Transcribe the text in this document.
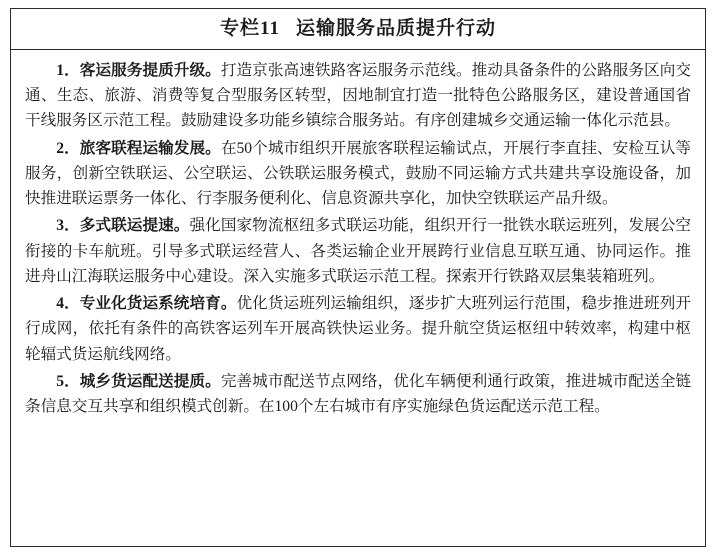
专栏11 运输服务品质提升行动

1．客运服务提质升级。打造京张高速铁路客运服务示范线。推动具备条件的公路服务区向交通、生态、旅游、消费等复合型服务区转型，因地制宜打造一批特色公路服务区，建设普通国省干线服务区示范工程。鼓励建设多功能乡镇综合服务站。有序创建城乡交通运输一体化示范县。

2．旅客联程运输发展。在50个城市组织开展旅客联程运输试点，开展行李直挂、安检互认等服务，创新空铁联运、公空联运、公铁联运服务模式，鼓励不同运输方式共建共享设施设备，加快推进联运票务一体化、行李服务便利化、信息资源共享化，加快空铁联运产品升级。

3．多式联运提速。强化国家物流枢纽多式联运功能，组织开行一批铁水联运班列，发展公空衔接的卡车航班。引导多式联运经营人、各类运输企业开展跨行业信息互联互通、协同运作。推进舟山江海联运服务中心建设。深入实施多式联运示范工程。探索开行铁路双层集装箱班列。

4．专业化货运系统培育。优化货运班列运输组织，逐步扩大班列运行范围，稳步推进班列开行成网，依托有条件的高铁客运列车开展高铁快运业务。提升航空货运枢纽中转效率，构建中枢轮辐式货运航线网络。

5．城乡货运配送提质。完善城市配送节点网络，优化车辆便利通行政策，推进城市配送全链条信息交互共享和组织模式创新。在100个左右城市有序实施绿色货运配送示范工程。
